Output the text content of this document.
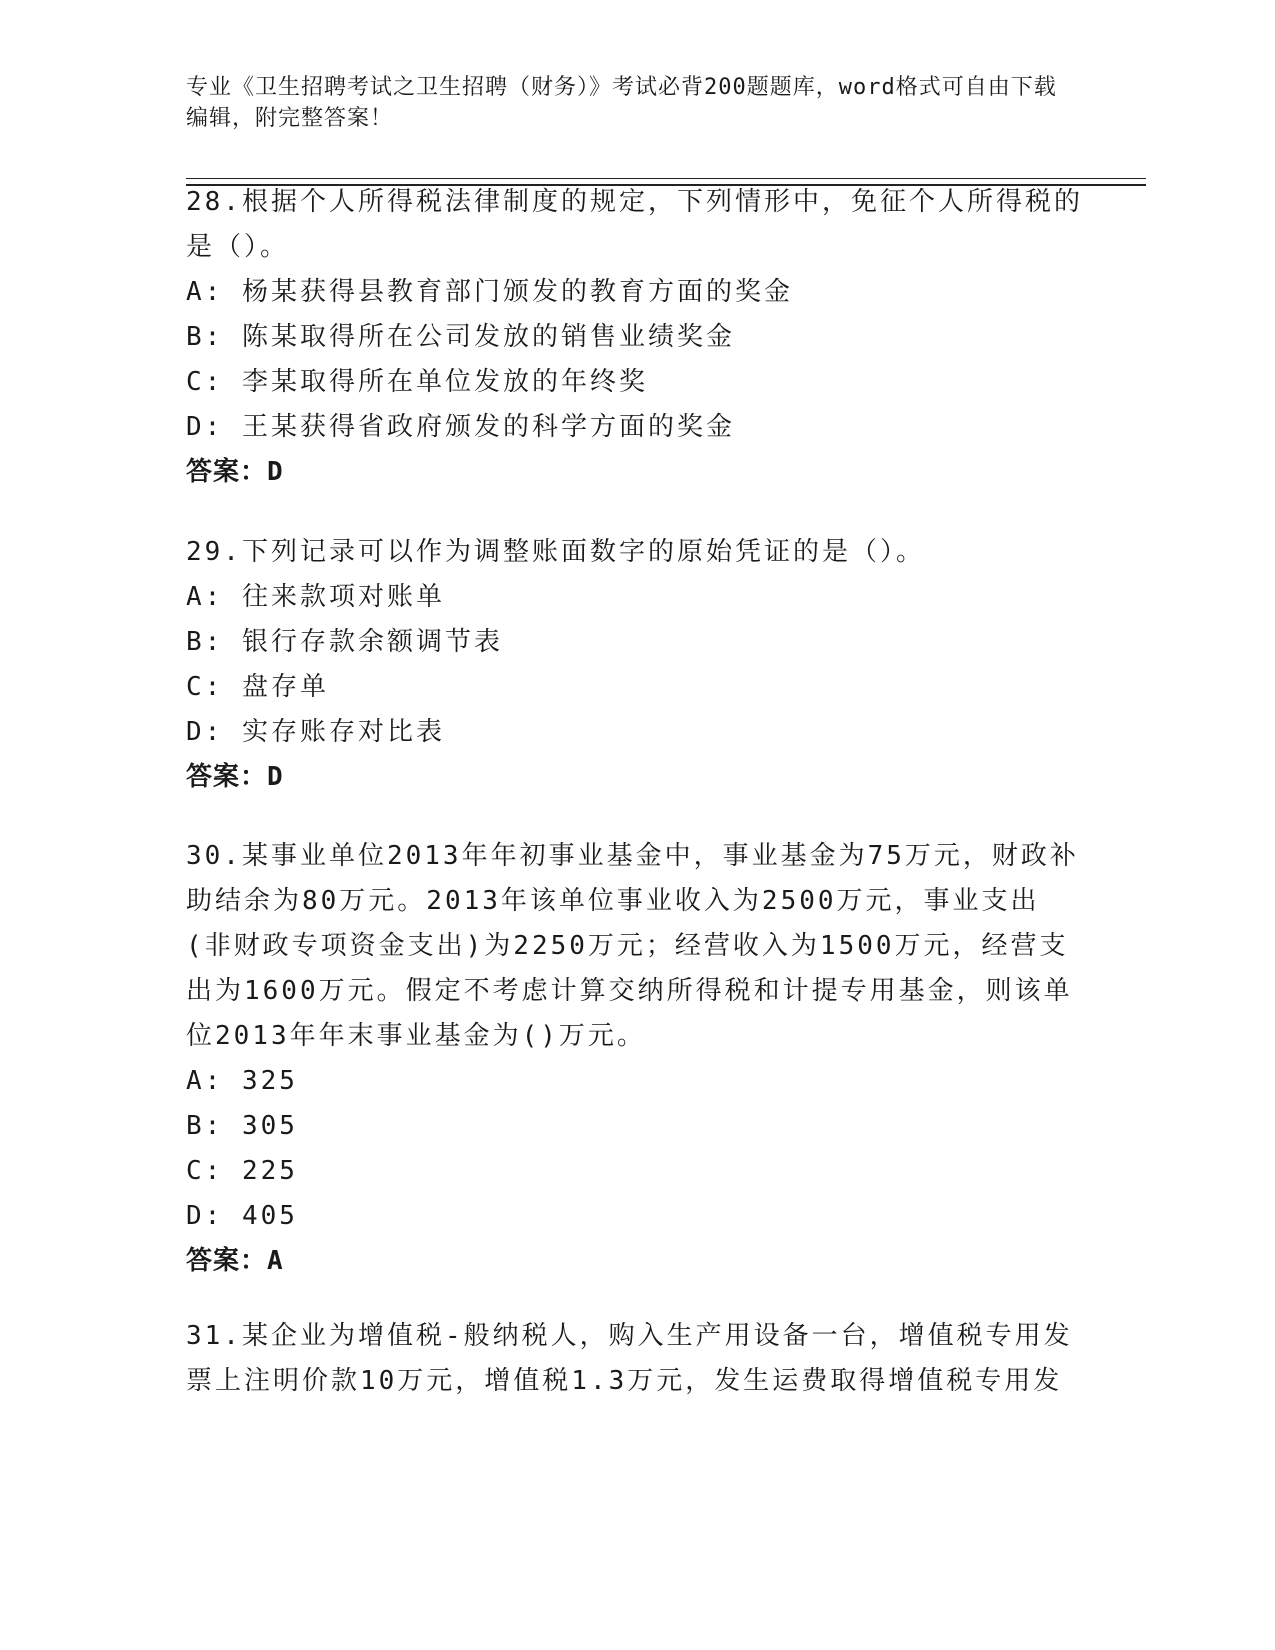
专业《卫生招聘考试之卫生招聘（财务）》考试必背200题题库，word格式可自由下载编辑，附完整答案！

28.根据个人所得税法律制度的规定，下列情形中，免征个人所得税的是（）。

A: 杨某获得县教育部门颁发的教育方面的奖金

B: 陈某取得所在公司发放的销售业绩奖金

C: 李某取得所在单位发放的年终奖

D: 王某获得省政府颁发的科学方面的奖金

答案：D

29.下列记录可以作为调整账面数字的原始凭证的是（）。

A: 往来款项对账单

B: 银行存款余额调节表

C: 盘存单

D: 实存账存对比表

答案：D

30.某事业单位2013年年初事业基金中，事业基金为75万元，财政补助结余为80万元。2013年该单位事业收入为2500万元，事业支出(非财政专项资金支出)为2250万元；经营收入为1500万元，经营支出为1600万元。假定不考虑计算交纳所得税和计提专用基金，则该单位2013年年末事业基金为()万元。

A: 325

B: 305

C: 225

D: 405

答案：A

31.某企业为增值税-般纳税人，购入生产用设备一台，增值税专用发票上注明价款10万元，增值税1.3万元，发生运费取得增值税专用发
